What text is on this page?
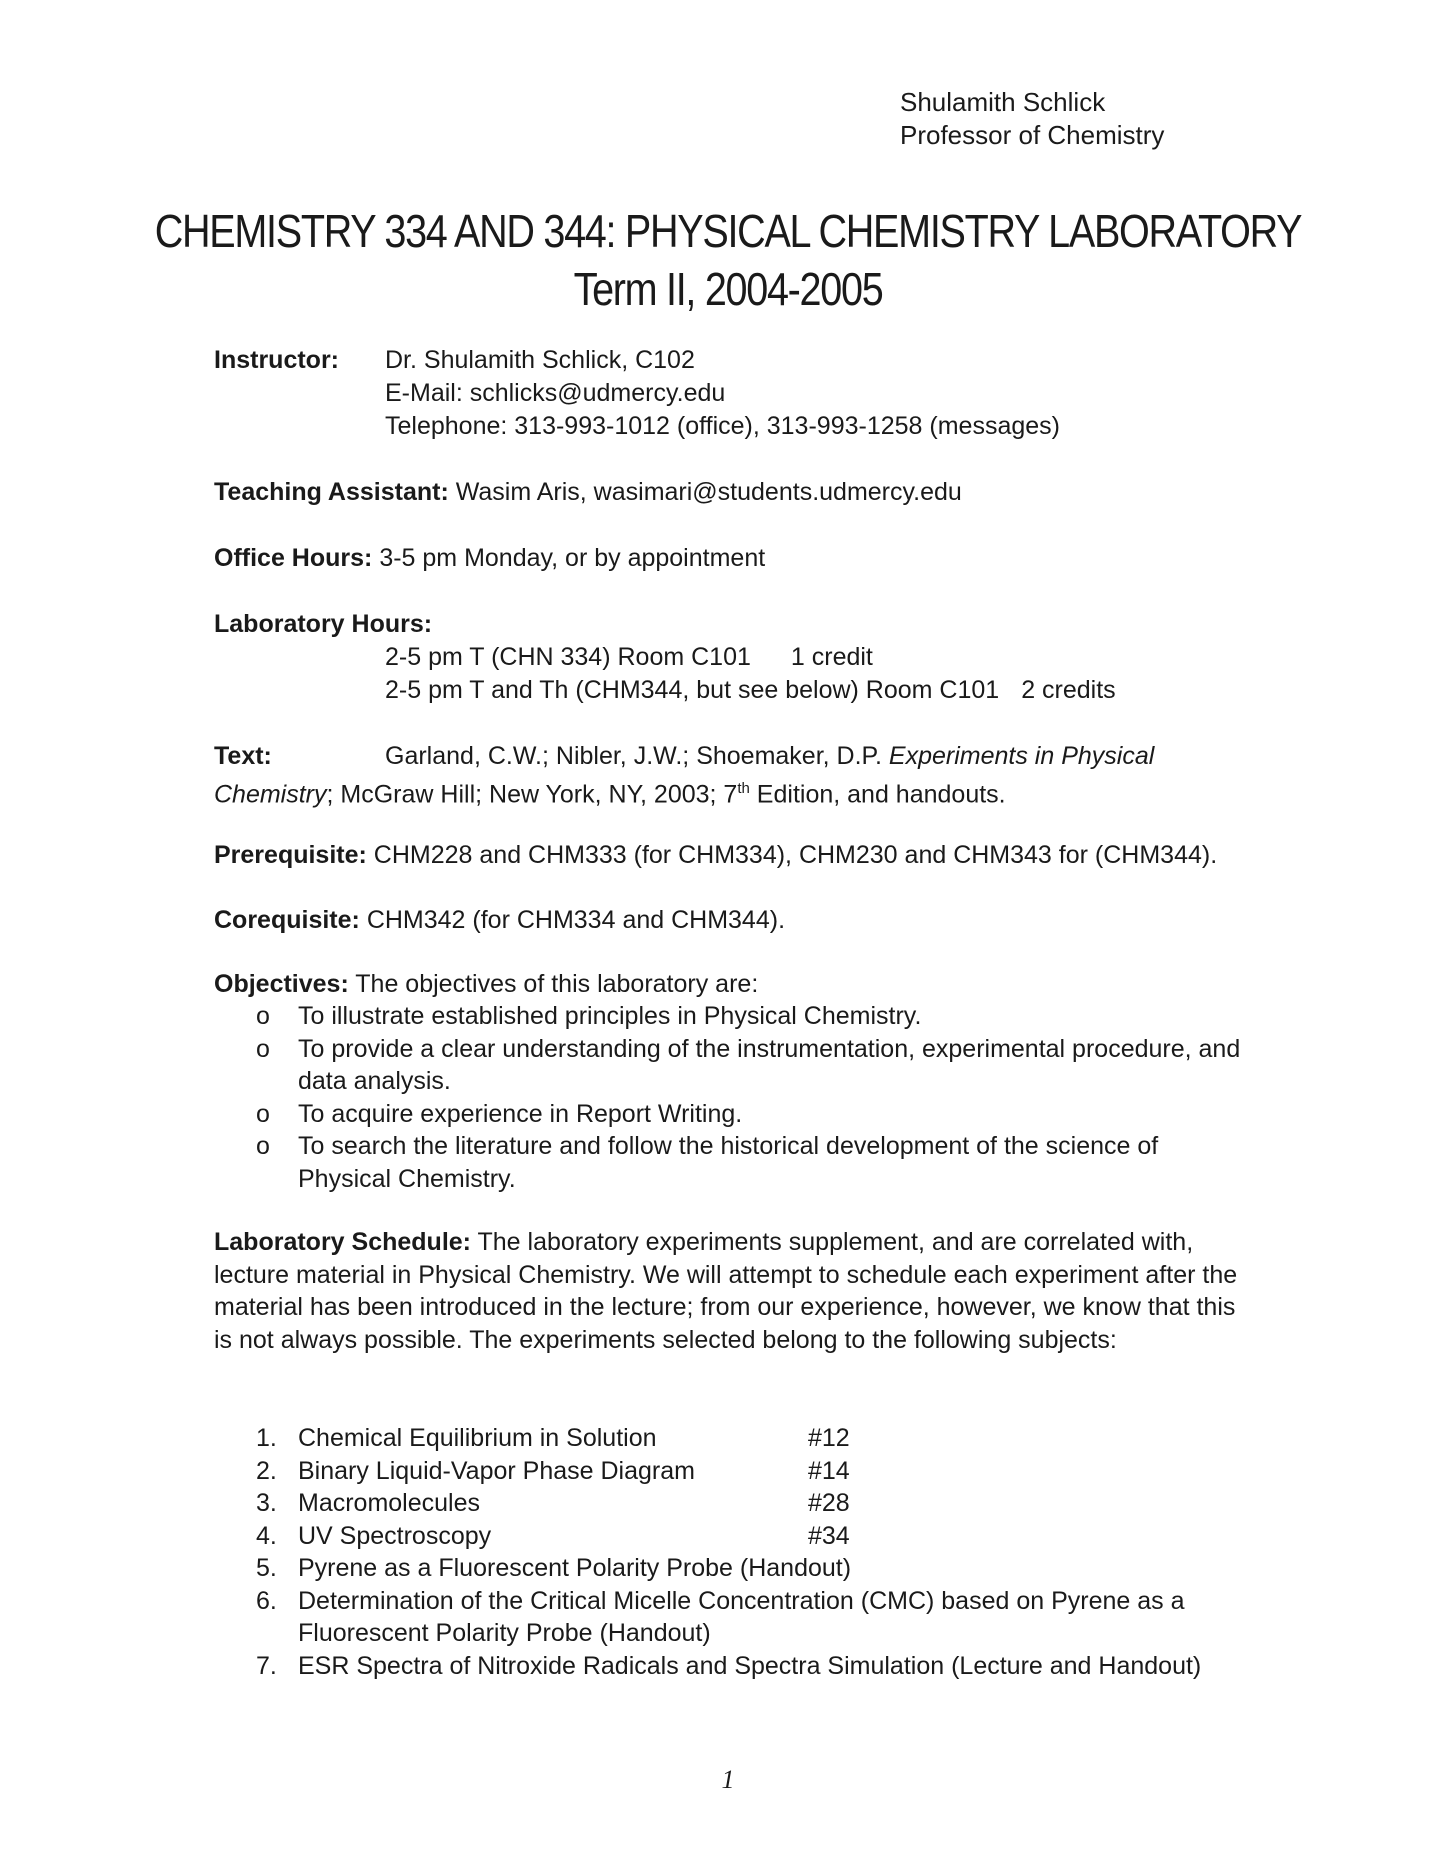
Shulamith Schlick
Professor of Chemistry
CHEMISTRY 334 AND 344: PHYSICAL CHEMISTRY LABORATORY
Term II, 2004-2005
Instructor: Dr. Shulamith Schlick, C102
E-Mail: schlicks@udmercy.edu
Telephone: 313-993-1012 (office), 313-993-1258 (messages)
Teaching Assistant: Wasim Aris, wasimari@students.udmercy.edu
Office Hours: 3-5 pm Monday, or by appointment
Laboratory Hours:
2-5 pm T (CHN 334) Room C101 1 credit
2-5 pm T and Th (CHM344, but see below) Room C101 2 credits
Text:	Garland, C.W.; Nibler, J.W.; Shoemaker, D.P. Experiments in Physical
Chemistry; McGraw Hill; New York, NY, 2003; 7th Edition, and handouts.
Prerequisite: CHM228 and CHM333 (for CHM334), CHM230 and CHM343 for (CHM344).
Corequisite: CHM342 (for CHM334 and CHM344).
Objectives: The objectives of this laboratory are:
o To illustrate established principles in Physical Chemistry.
o To provide a clear understanding of the instrumentation, experimental procedure, and data analysis.
o To acquire experience in Report Writing.
o To search the literature and follow the historical development of the science of Physical Chemistry.
Laboratory Schedule: The laboratory experiments supplement, and are correlated with, lecture material in Physical Chemistry. We will attempt to schedule each experiment after the material has been introduced in the lecture; from our experience, however, we know that this is not always possible. The experiments selected belong to the following subjects:
1. Chemical Equilibrium in Solution	#12
2. Binary Liquid-Vapor Phase Diagram	#14
3. Macromolecules	#28
4. UV Spectroscopy	#34
5. Pyrene as a Fluorescent Polarity Probe (Handout)
6. Determination of the Critical Micelle Concentration (CMC) based on Pyrene as a Fluorescent Polarity Probe (Handout)
7. ESR Spectra of Nitroxide Radicals and Spectra Simulation (Lecture and Handout)
1
